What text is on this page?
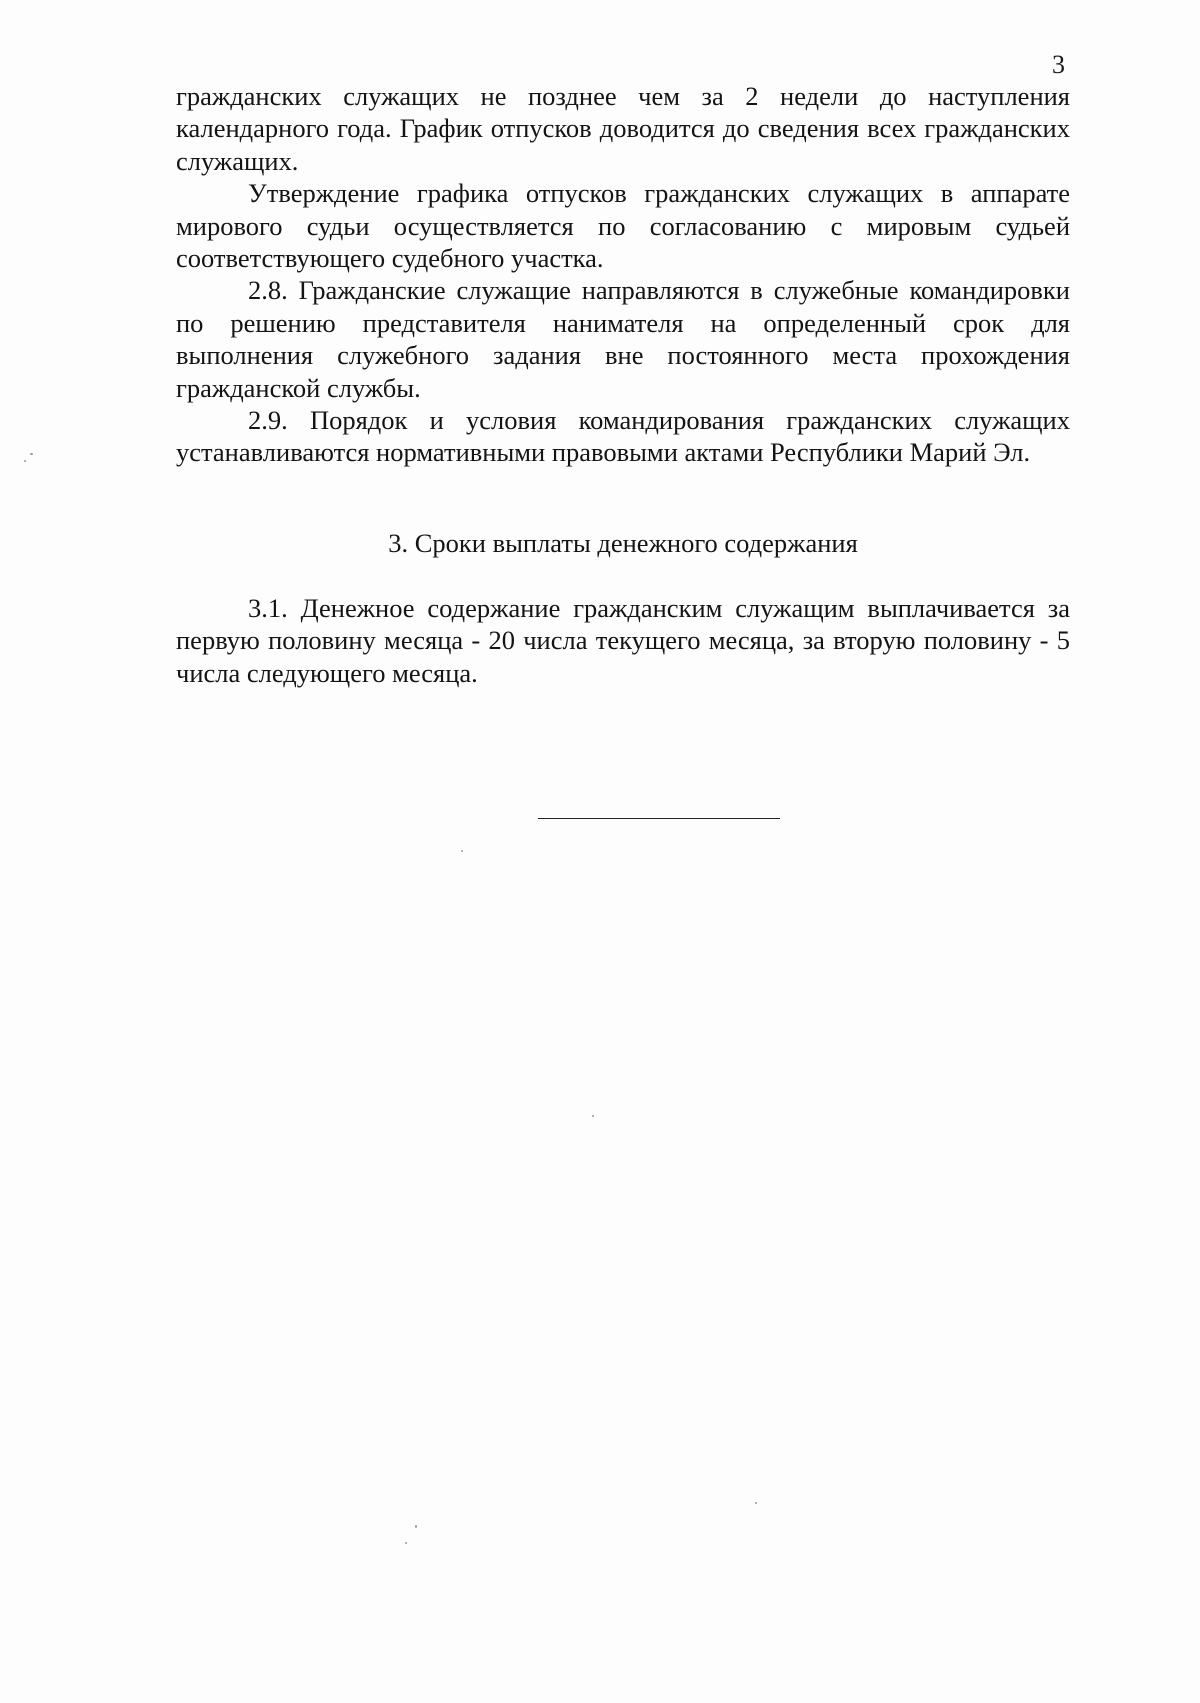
3

гражданских служащих не позднее чем за 2 недели до наступления календарного года. График отпусков доводится до сведения всех гражданских служащих.

Утверждение графика отпусков гражданских служащих в аппарате мирового судьи осуществляется по согласованию с мировым судьей соответствующего судебного участка.

2.8. Гражданские служащие направляются в служебные командировки по решению представителя нанимателя на определенный срок для выполнения служебного задания вне постоянного места прохождения гражданской службы.

2.9. Порядок и условия командирования гражданских служащих устанавливаются нормативными правовыми актами Республики Марий Эл.

3. Сроки выплаты денежного содержания

3.1. Денежное содержание гражданским служащим выплачивается за первую половину месяца - 20 числа текущего месяца, за вторую половину - 5 числа следующего месяца.
